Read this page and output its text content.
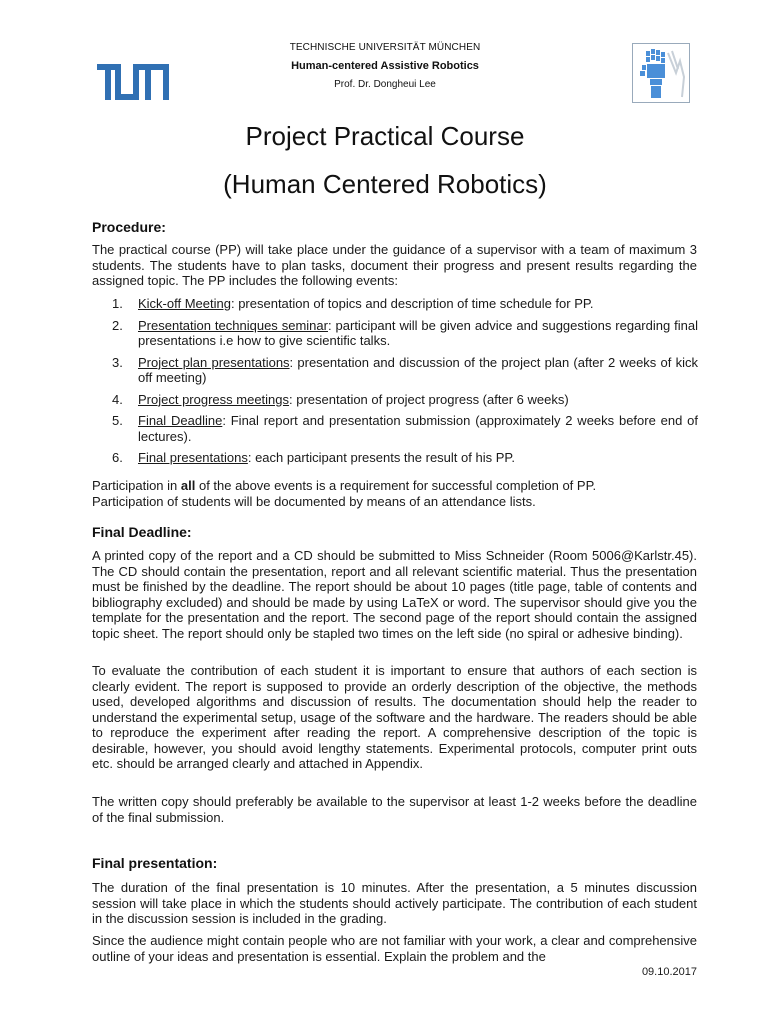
TECHNISCHE UNIVERSITÄT MÜNCHEN
Human-centered Assistive Robotics
Prof. Dr. Dongheui Lee
Project Practical Course
(Human Centered Robotics)
Procedure:
The practical course (PP) will take place under the guidance of a supervisor with a team of maximum 3 students. The students have to plan tasks, document their progress and present results regarding the assigned topic. The PP includes the following events:
1. Kick-off Meeting: presentation of topics and description of time schedule for PP.
2. Presentation techniques seminar: participant will be given advice and suggestions regarding final presentations i.e how to give scientific talks.
3. Project plan presentations: presentation and discussion of the project plan (after 2 weeks of kick off meeting)
4. Project progress meetings: presentation of project progress (after 6 weeks)
5. Final Deadline: Final report and presentation submission (approximately 2 weeks before end of lectures).
6. Final presentations: each participant presents the result of his PP.
Participation in all of the above events is a requirement for successful completion of PP.
Participation of students will be documented by means of an attendance lists.
Final Deadline:
A printed copy of the report and a CD should be submitted to Miss Schneider (Room 5006@Karlstr.45). The CD should contain the presentation, report and all relevant scientific material. Thus the presentation must be finished by the deadline. The report should be about 10 pages (title page, table of contents and bibliography excluded) and should be made by using LaTeX or word. The supervisor should give you the template for the presentation and the report. The second page of the report should contain the assigned topic sheet. The report should only be stapled two times on the left side (no spiral or adhesive binding).
To evaluate the contribution of each student it is important to ensure that authors of each section is clearly evident. The report is supposed to provide an orderly description of the objective, the methods used, developed algorithms and discussion of results. The documentation should help the reader to understand the experimental setup, usage of the software and the hardware. The readers should be able to reproduce the experiment after reading the report. A comprehensive description of the topic is desirable, however, you should avoid lengthy statements. Experimental protocols, computer print outs etc. should be arranged clearly and attached in Appendix.
The written copy should preferably be available to the supervisor at least 1-2 weeks before the deadline of the final submission.
Final presentation:
The duration of the final presentation is 10 minutes. After the presentation, a 5 minutes discussion session will take place in which the students should actively participate. The contribution of each student in the discussion session is included in the grading.
Since the audience might contain people who are not familiar with your work, a clear and comprehensive outline of your ideas and presentation is essential. Explain the problem and the
09.10.2017
